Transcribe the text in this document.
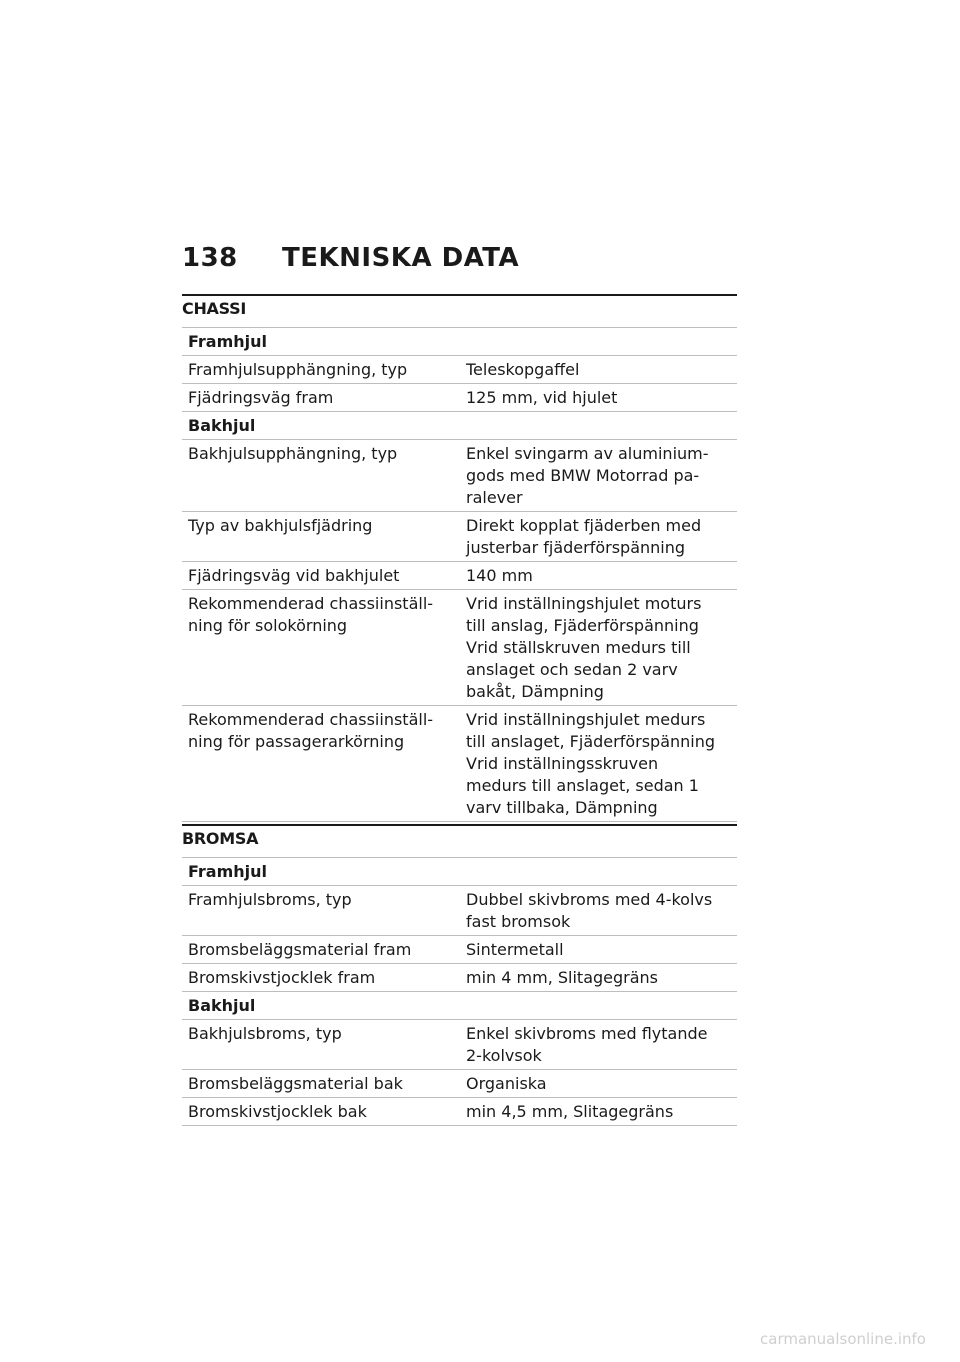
138 TEKNISKA DATA
CHASSI
Framhjul	

Framhjulsupphängning, typ	Teleskopgaffel

Fjädringsväg fram	125 mm, vid hjulet

Bakhjul	

Bakhjulsupphängning, typ	Enkel svingarm av aluminium-
gods med BMW Motorrad pa-
ralever

Typ av bakhjulsfjädring	Direkt kopplat fjäderben med
justerbar fjäderförspänning

Fjädringsväg vid bakhjulet	140 mm

Rekommenderad chassiinställ-
ning för solokörning	Vrid inställningshjulet moturs
till anslag, Fjäderförspänning
Vrid ställskruven medurs till
anslaget och sedan 2 varv
bakåt, Dämpning

Rekommenderad chassiinställ-
ning för passagerarkörning	Vrid inställningshjulet medurs
till anslaget, Fjäderförspänning
Vrid inställningsskruven
medurs till anslaget, sedan 1
varv tillbaka, Dämpning
BROMSA
Framhjul	

Framhjulsbroms, typ	Dubbel skivbroms med 4-kolvs
fast bromsok

Bromsbeläggsmaterial fram	Sintermetall

Bromskivstjocklek fram	min 4 mm, Slitagegräns

Bakhjul	

Bakhjulsbroms, typ	Enkel skivbroms med flytande
2-kolvsok

Bromsbeläggsmaterial bak	Organiska

Bromskivstjocklek bak	min 4,5 mm, Slitagegräns
carmanualsonline.info
